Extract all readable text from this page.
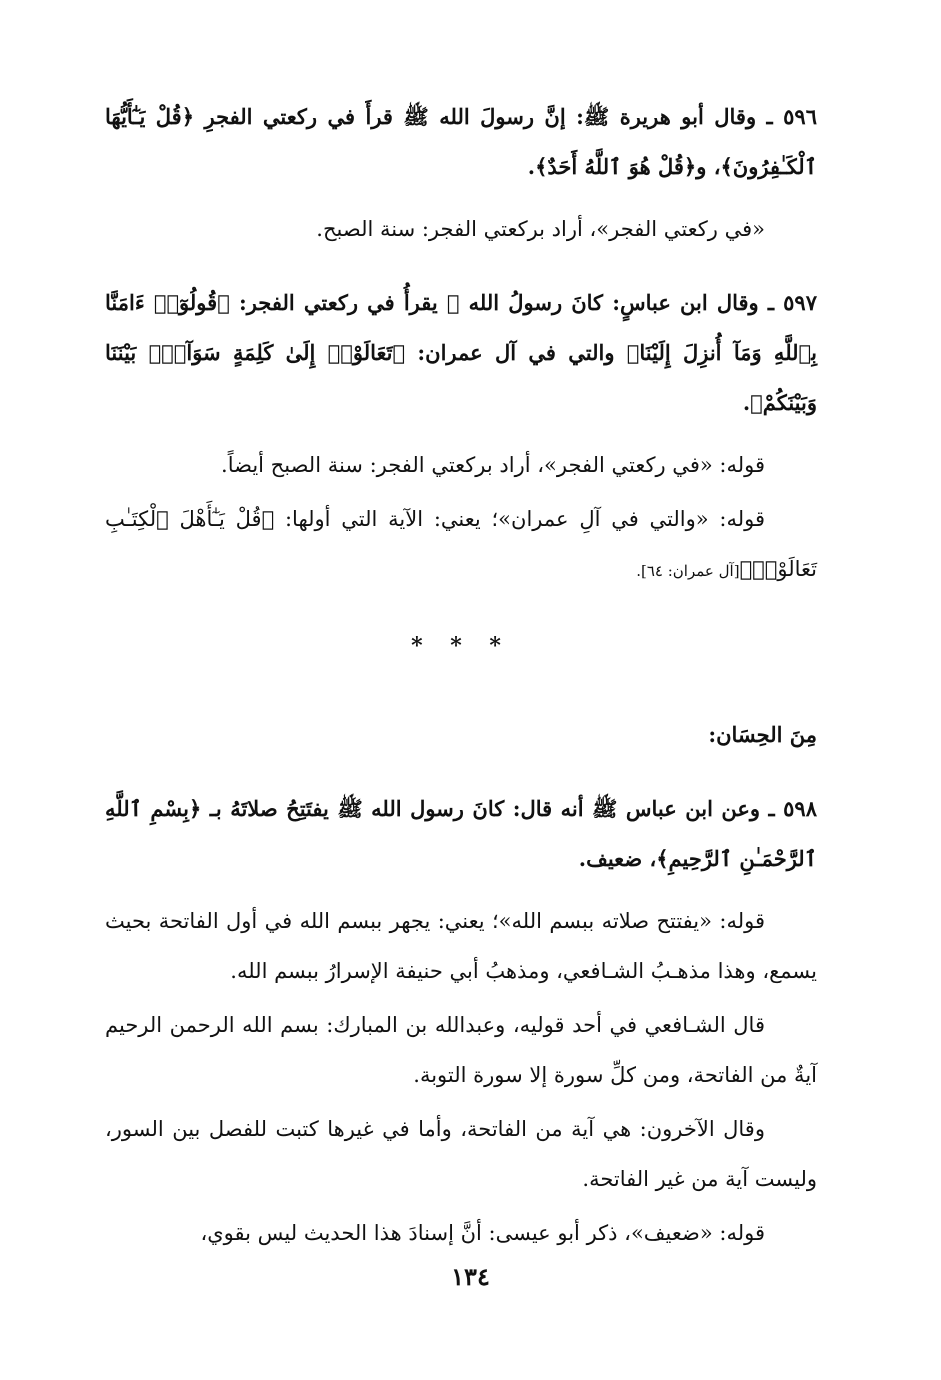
٥٩٦ ـ وقال أبو هريرة ﷺ: إنَّ رسولَ الله ﷺ قرأَ في ركعتي الفجرِ ﴿قُلْ يَـٰٓأَيُّهَا ٱلْكَـٰفِرُونَ﴾، و﴿قُلْ هُوَ ٱللَّهُ أَحَدٌ﴾.

«في ركعتي الفجر»، أراد بركعتي الفجر: سنة الصبح.

٥٩٧ ـ وقال ابن عباسٍ: كانَ رسولُ الله ﷺ يقرأُ في ركعتي الفجر: ﴿قُولُوٓا۟ ءَامَنَّا بِٱللَّهِ وَمَآ أُنزِلَ إِلَيْنَا﴾ والتي في آل عمران: ﴿تَعَالَوْا۟ إِلَىٰ كَلِمَةٍ سَوَآءٍۭ بَيْنَنَا وَبَيْنَكُمْ﴾.

قوله: «في ركعتي الفجر»، أراد بركعتي الفجر: سنة الصبح أيضاً.

قوله: «والتي في آلِ عمران»؛ يعني: الآية التي أولها: ﴿قُلْ يَـٰٓأَهْلَ ٱلْكِتَـٰبِ تَعَالَوْا۟﴾[آل عمران: ٦٤].

* * *

مِنَ الحِسَان:

٥٩٨ ـ وعن ابن عباس ﷺ أنه قال: كانَ رسول الله ﷺ يفتَتِحُ صلاتَهُ بـ ﴿بِسْمِ ٱللَّهِ ٱلرَّحْمَـٰنِ ٱلرَّحِيمِ﴾، ضعيف.

قوله: «يفتتح صلاته ببسم الله»؛ يعني: يجهر ببسم الله في أول الفاتحة بحيث يسمع، وهذا مذهـبُ الشـافعي، ومذهبُ أبي حنيفة الإسرارُ ببسم الله.

قال الشـافعي في أحد قوليه، وعبدالله بن المبارك: بسم الله الرحمن الرحيم آيةٌ من الفاتحة، ومن كلِّ سورة إلا سورة التوبة.

وقال الآخرون: هي آية من الفاتحة، وأما في غيرها كتبت للفصل بين السور، وليست آية من غير الفاتحة.

قوله: «ضعيف»، ذكر أبو عيسى: أنَّ إسنادَ هذا الحديث ليس بقوي،

١٣٤
